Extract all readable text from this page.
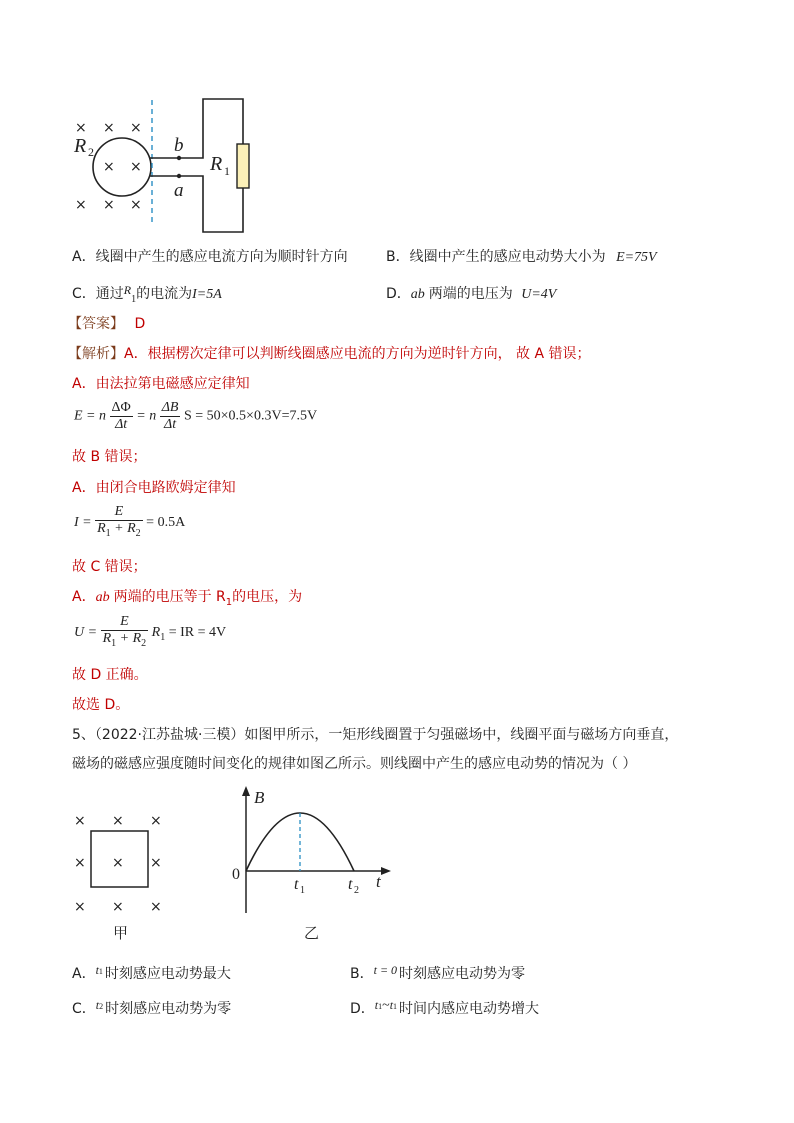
× × ×
× ×
× × ×
R 2	b
a
R 1
A．线圈中产生的感应电流方向为顺时针方向	B．线圈中产生的感应电动势大小为 E=75V
C．通过$R_1$的电流为I=5A	D．ab 两端的电压为 U=4V
【答案】 D
【解析】A．根据楞次定律可以判断线圈感应电流的方向为逆时针方向， 故 A 错误；
A．由法拉第电磁感应定律知
E = n $\frac{\Delta\Phi}{\Delta t} = n \frac{\Delta B}{\Delta t}$ S = 50×0.5×0.3V=7.5V
故 B 错误；
A．由闭合电路欧姆定律知
$I = \frac{E}{R_1 + R_2} = 0.5A$
故 C 错误；
A．ab 两端的电压等于 $R_1$的电压，为
$U = \frac{E}{R_1 + R_2} R_1$ = IR = 4V
故 D 正确。
故选 D。
5、（2022·江苏盐城·三模）如图甲所示，一矩形线圈置于匀强磁场中，线圈平面与磁场方向垂直，
磁场的磁感应强度随时间变化的规律如图乙所示。则线圈中产生的感应电动势的情况为（ ）
× × ×
× × ×
× × ×
甲
B
t
0
t 1	t 2
乙
A．$t_1$ 时刻感应电动势最大	B．t = 0 时刻感应电动势为零
C．$t_2$ 时刻感应电动势为零	D．$t_1\sim t_1$ 时间内感应电动势增大
